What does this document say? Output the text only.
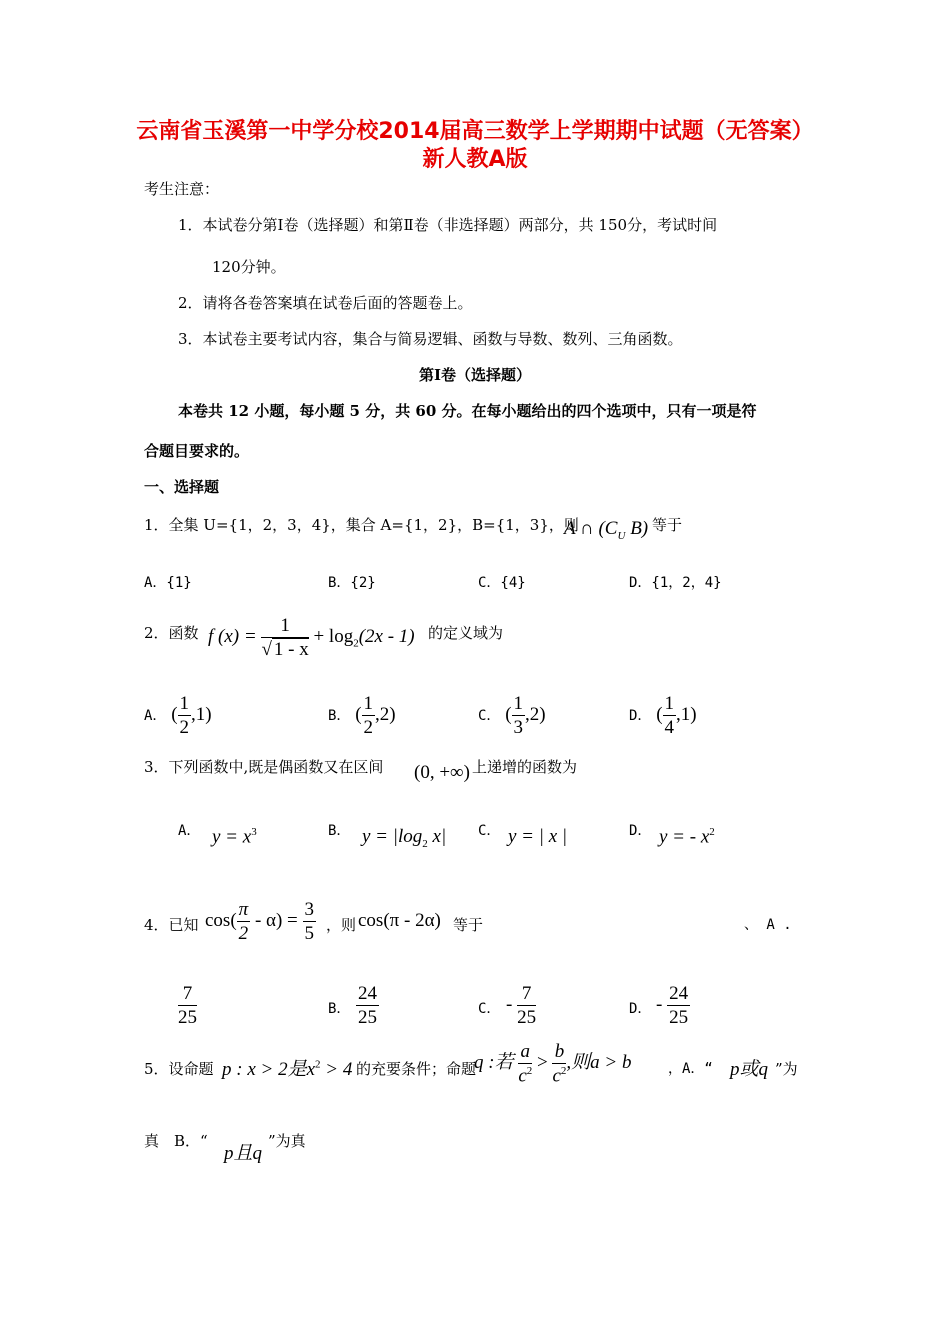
云南省玉溪第一中学分校2014届高三数学上学期期中试题（无答案）新人教A版
考生注意：
1．本试卷分第Ⅰ卷（选择题）和第Ⅱ卷（非选择题）两部分，共 150分，考试时间
120分钟。
2．请将各卷答案填在试卷后面的答题卷上。
3．本试卷主要考试内容，集合与简易逻辑、函数与导数、数列、三角函数。
第Ⅰ卷（选择题）
本卷共 12 小题，每小题 5 分，共 60 分。在每小题给出的四个选项中，只有一项是符
合题目要求的。
一、选择题
1．全集 U={1，2，3，4}，集合 A={1，2}，B={1，3}，则
A ∩ ($C_U$ B) 等于
A．{1}	B．{2}	C．{4}	D．{1，2，4}
2．函数 f $(x) = \frac{1}{√ 1 - x} + \log_2(2x - 1)$ 的定义域为
A． ( $\frac{1}{2} ,1$)	B． ( $\frac{1}{2} ,2$)	C． ( $\frac{1}{3} ,2$)	D． ( $\frac{1}{4} ,1$)
3．下列函数中,既是偶函数又在区间 (0, +∞) 上递增的函数为
A． $y = x^3$	B． $y = |\log_2$ x| C． y = | x |	D． y = - $x^2$
4．已知 $\cos( \frac{\pi}{2} - \alpha) = \frac{3}{5}$ ，则 cos(π - 2α) 等于	、 A .
$\frac{7}{25}$	B． $\frac{24}{25}$	C． - $\frac{7}{25}$	D． - $\frac{24}{25}$
5．设命题 p : x > 2是$x^2 > 4$ 的充要条件；命题
q :若 $\frac{a}{c^2} > \frac{b}{c^2}$ ,则a > b	，A．“ p或q ”为
真　B．“
p且q
”为真
